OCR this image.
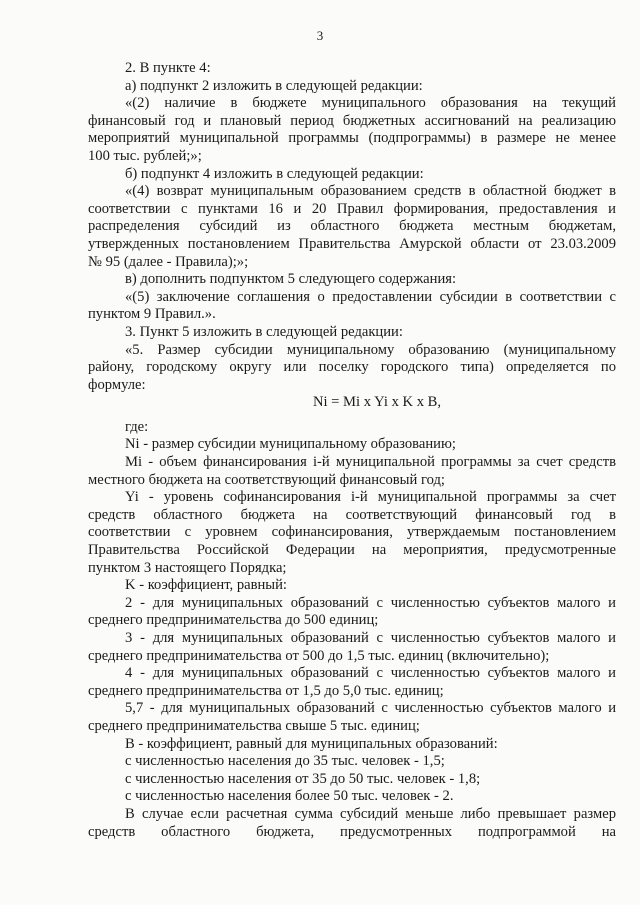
3
2. В пункте 4:
а) подпункт 2 изложить в следующей редакции:
«(2) наличие в бюджете муниципального образования на текущий
финансовый год и плановый период бюджетных ассигнований на реализацию
мероприятий муниципальной программы (подпрограммы) в размере не менее
100 тыс. рублей;»;
б) подпункт 4 изложить в следующей редакции:
«(4) возврат муниципальным образованием средств в областной бюджет в
соответствии с пунктами 16 и 20 Правил формирования, предоставления и
распределения субсидий из областного бюджета местным бюджетам,
утвержденных постановлением Правительства Амурской области от 23.03.2009
№ 95 (далее - Правила);»;
в) дополнить подпунктом 5 следующего содержания:
«(5) заключение соглашения о предоставлении субсидии в соответствии с
пунктом 9 Правил.».
3. Пункт 5 изложить в следующей редакции:
«5. Размер субсидии муниципальному образованию (муниципальному
району, городскому округу или поселку городского типа) определяется по
формуле:
Ni = Mi x Yi x K x B,
где:
Ni - размер субсидии муниципальному образованию;
Mi - объем финансирования i-й муниципальной программы за счет средств
местного бюджета на соответствующий финансовый год;
Yi - уровень софинансирования i-й муниципальной программы за счет
средств областного бюджета на соответствующий финансовый год в
соответствии с уровнем софинансирования, утверждаемым постановлением
Правительства Российской Федерации на мероприятия, предусмотренные
пунктом 3 настоящего Порядка;
K - коэффициент, равный:
2 - для муниципальных образований с численностью субъектов малого и
среднего предпринимательства до 500 единиц;
3 - для муниципальных образований с численностью субъектов малого и
среднего предпринимательства от 500 до 1,5 тыс. единиц (включительно);
4 - для муниципальных образований с численностью субъектов малого и
среднего предпринимательства от 1,5 до 5,0 тыс. единиц;
5,7 - для муниципальных образований с численностью субъектов малого и
среднего предпринимательства свыше 5 тыс. единиц;
B - коэффициент, равный для муниципальных образований:
с численностью населения до 35 тыс. человек - 1,5;
с численностью населения от 35 до 50 тыс. человек - 1,8;
с численностью населения более 50 тыс. человек - 2.
В случае если расчетная сумма субсидий меньше либо превышает размер
средств областного бюджета, предусмотренных подпрограммой на
